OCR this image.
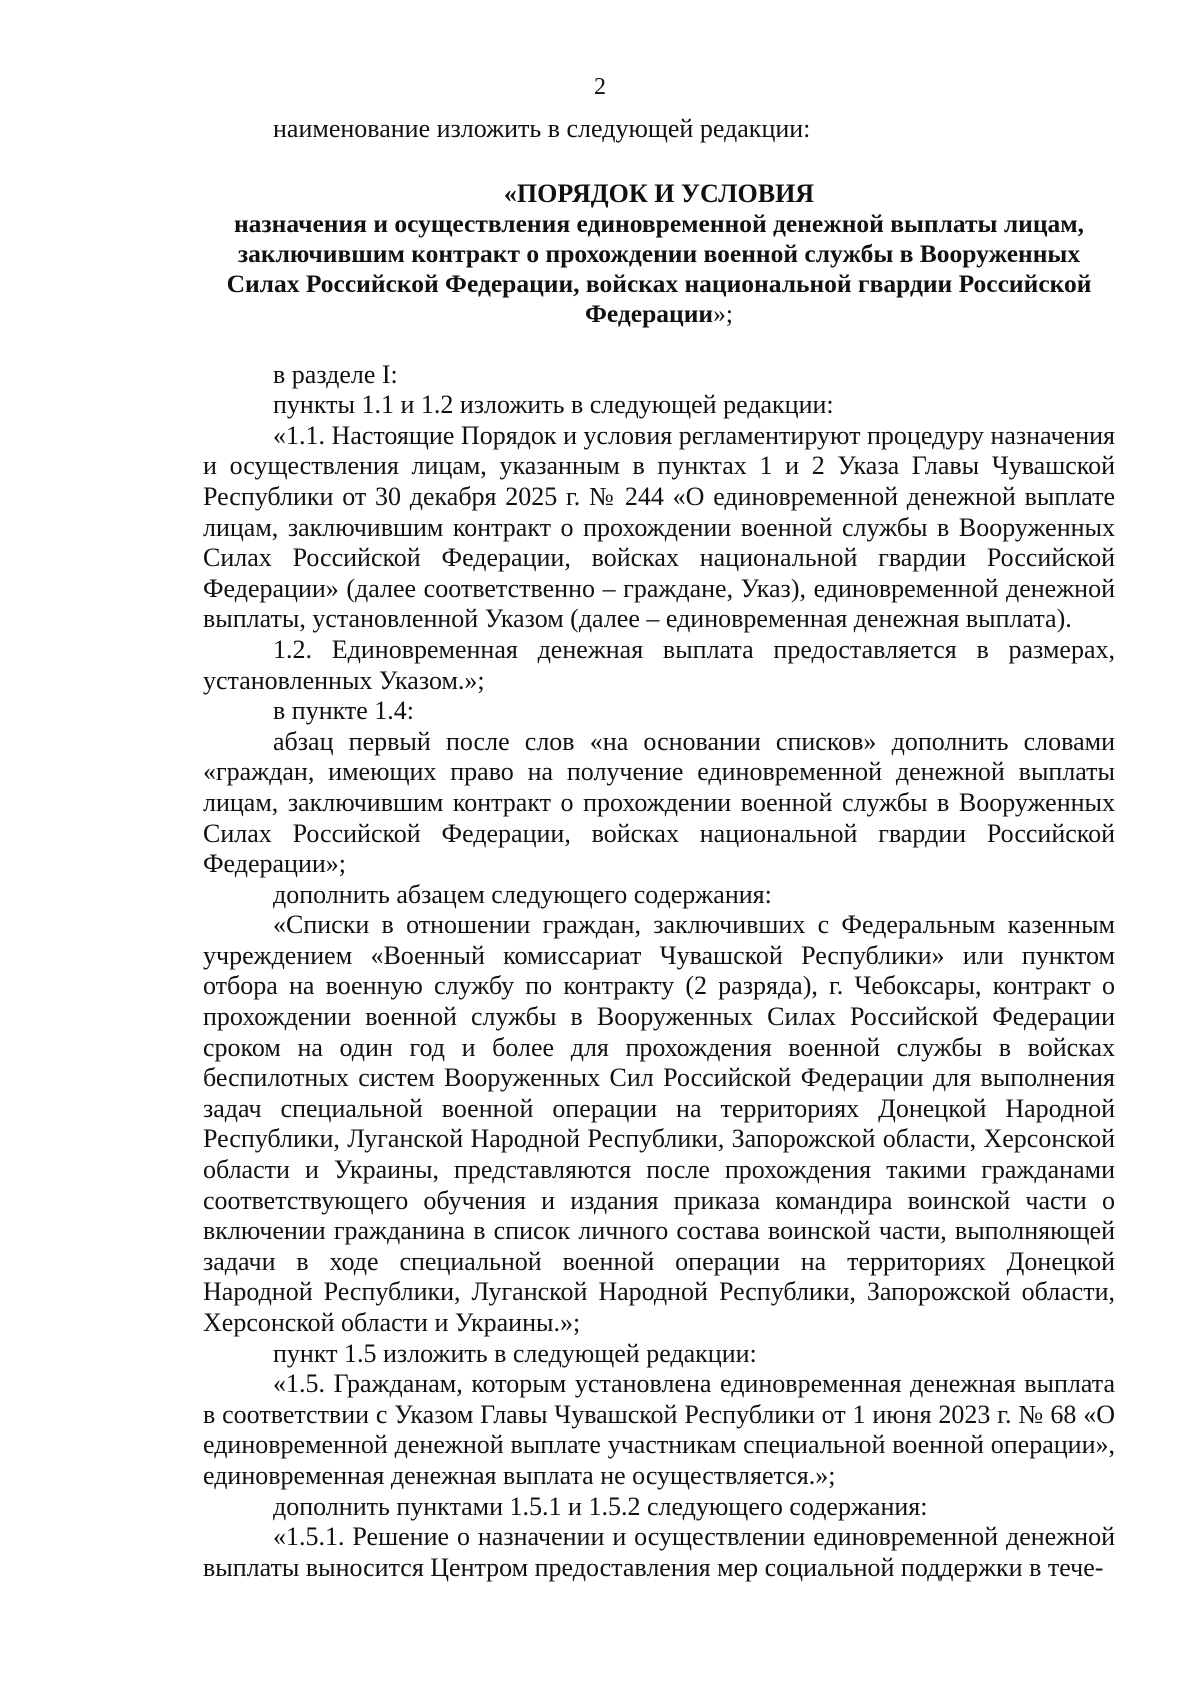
2

наименование изложить в следующей редакции:

«ПОРЯДОК И УСЛОВИЯ
назначения и осуществления единовременной денежной выплаты лицам, заключившим контракт о прохождении военной службы в Вооруженных Силах Российской Федерации, войсках национальной гвардии Российской Федерации»;

в разделе I:

пункты 1.1 и 1.2 изложить в следующей редакции:

«1.1. Настоящие Порядок и условия регламентируют процедуру назначения и осуществления лицам, указанным в пунктах 1 и 2 Указа Главы Чувашской Республики от 30 декабря 2025 г. № 244 «О единовременной денежной выплате лицам, заключившим контракт о прохождении военной службы в Вооруженных Силах Российской Федерации, войсках национальной гвардии Российской Федерации» (далее соответственно – граждане, Указ), единовременной денежной выплаты, установленной Указом (далее – единовременная денежная выплата).

1.2. Единовременная денежная выплата предоставляется в размерах, установленных Указом.»;

в пункте 1.4:

абзац первый после слов «на основании списков» дополнить словами «граждан, имеющих право на получение единовременной денежной выплаты лицам, заключившим контракт о прохождении военной службы в Вооруженных Силах Российской Федерации, войсках национальной гвардии Российской Федерации»;

дополнить абзацем следующего содержания:

«Списки в отношении граждан, заключивших с Федеральным казенным учреждением «Военный комиссариат Чувашской Республики» или пунктом отбора на военную службу по контракту (2 разряда), г. Чебоксары, контракт о прохождении военной службы в Вооруженных Силах Российской Федерации сроком на один год и более для прохождения военной службы в войсках беспилотных систем Вооруженных Сил Российской Федерации для выполнения задач специальной военной операции на территориях Донецкой Народной Республики, Луганской Народной Республики, Запорожской области, Херсонской области и Украины, представляются после прохождения такими гражданами соответствующего обучения и издания приказа командира воинской части о включении гражданина в список личного состава воинской части, выполняющей задачи в ходе специальной военной операции на территориях Донецкой Народной Республики, Луганской Народной Республики, Запорожской области, Херсонской области и Украины.»;

пункт 1.5 изложить в следующей редакции:

«1.5. Гражданам, которым установлена единовременная денежная выплата в соответствии с Указом Главы Чувашской Республики от 1 июня 2023 г. № 68 «О единовременной денежной выплате участникам специальной военной операции», единовременная денежная выплата не осуществляется.»;

дополнить пунктами 1.5.1 и 1.5.2 следующего содержания:

«1.5.1. Решение о назначении и осуществлении единовременной денежной выплаты выносится Центром предоставления мер социальной поддержки в тече-
